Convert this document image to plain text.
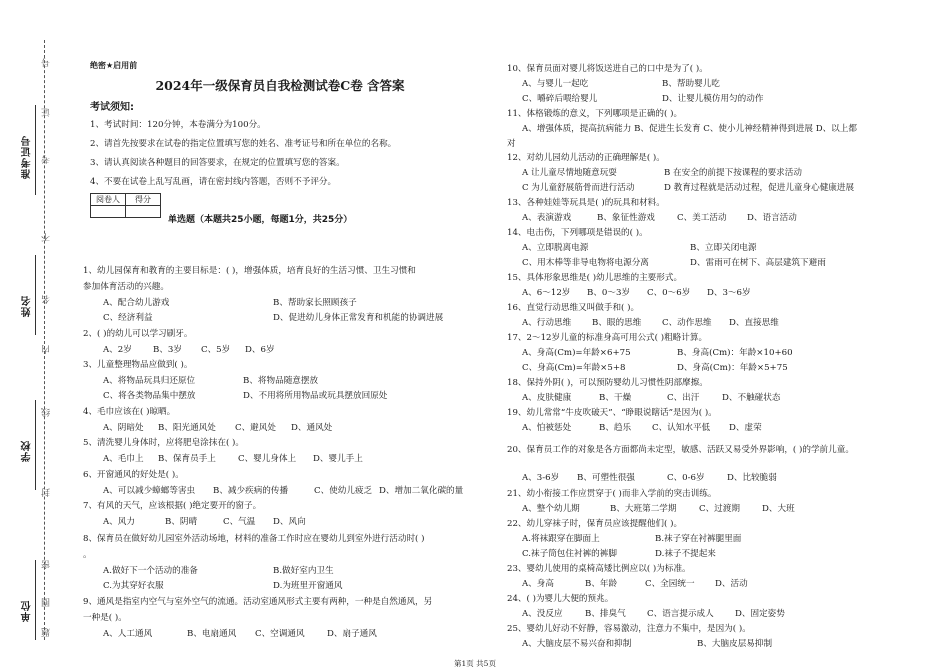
准考证号
姓名
学校
单位
号
证
考
不
名
内
线
封
密
圈
题
绝密★启用前
2024年一级保育员自我检测试卷C卷 含答案
考试须知:
1、考试时间：120分钟，本卷满分为100分。
2、请首先按要求在试卷的指定位置填写您的姓名、准考证号和所在单位的名称。
3、请认真阅读各种题目的回答要求，在规定的位置填写您的答案。
4、不要在试卷上乱写乱画，请在密封线内答题，否则不予评分。
阅卷人	得分

单选题（本题共25小题，每题1分，共25分）
1、幼儿园保育和教育的主要目标是：( )，增强体质，培育良好的生活习惯、卫生习惯和
参加体育活动的兴趣。
A、配合幼儿游戏	B、帮助家长照顾孩子
C、经济利益	D、促进幼儿身体正常发育和机能的协调进展
2、( )的幼儿可以学习刷牙。
A、2岁 B、3岁 C、5岁 D、6岁
3、儿童整理物品应做到( )。
A、将物品玩具归还原位	B、将物品随意摆放
C、将各类物品集中摆放	D、不用将所用物品或玩具摆放回原处
4、毛巾应该在( )晾晒。
A、阴暗处 B、阳光通风处 C、避风处 D、通风处
5、清洗婴儿身体时，应将肥皂涂抹在( )。
A、毛巾上 B、保育员手上	C、婴儿身体上 D、婴儿手上
6、开窗通风的好处是( )。
A、可以减少蟑螂等害虫 B、减少疾病的传播	C、使幼儿疲乏 D、增加二氧化碳的量
7、有风的天气，应该根据( )绝定要开的窗子。
A、风力	B、阴晴	C、气温 D、风向
8、保育员在做好幼儿园室外活动场地，材料的准备工作时应在婴幼儿到室外进行活动时( )
。
A.做好下一个活动的准备	B.做好室内卫生
C.为其穿好衣服	D.为班里开窗通风
9、通风是指室内空气与室外空气的流通。活动室通风形式主要有两种，一种是自然通风，另
一种是( )。
A、人工通风	B、电扇通风 C、空调通风	D、扇子通风
10、保育员面对婴儿将饭送进自己的口中是为了( )。
A、与婴儿一起吃	B、帮助婴儿吃
C、嚼碎后喂给婴儿	D、让婴儿模仿用匀的动作
11、体格锻炼的意义，下列哪项是正确的( )。
A、增强体质，提高抗病能力 B、促进生长发育 C、使小儿神经精神得到进展 D、以上都
对
12、对幼儿园幼儿活动的正确理解是( )。
A 让儿童尽情地随意玩耍	B 在安全的前提下按课程的要求活动
C 为儿童舒展筋骨而进行活动	D 教育过程就是活动过程，促进儿童身心健康进展
13、各种娃娃等玩具是( )的玩具和材料。
A、表演游戏	B、象征性游戏	C、美工活动 D、语言活动
14、电击伤，下列哪项是错误的( )。
A、立即脱离电源	B、立即关闭电源
C、用木棒等非导电物将电源分离	D、雷雨可在树下、高层建筑下避雨
15、具体形象思维是( )幼儿思维的主要形式。
A、6～12岁 B、0～3岁 C、0～6岁 D、3～6岁
16、直觉行动思维又叫做手和( )。
A、行动思维 B、眼的思维 C、动作思维 D、直接思维
17、2～12岁儿童的标准身高可用公式( )粗略计算。
A、身高(Cm)=年龄×6+75	B、身高(Cm)：年龄×10+60
C、身高(Cm)=年龄×5+8	D、身高(Cm)：年龄×5+75
18、保持外阴( )，可以预防婴幼儿习惯性阴部摩擦。
A、皮肤健康	B、干燥	C、出汗	D、不触碰状态
19、幼儿常常“牛皮吹破天”、“睁眼说瞎话”是因为( )。
A、怕被惩处	B、趋乐 C、认知水平低 D、虚荣
20、保育员工作的对象是各方面都尚未定型，敏感、活跃又易受外界影响，( )的学前儿童。
A、3-6岁 B、可塑性很强	C、0-6岁	D、比较脆弱
21、幼小衔接工作应贯穿于( )而非入学前的突击训练。
A、整个幼儿期	B、大班第二学期	C、过渡期	D、大班
22、幼儿穿袜子时，保育员应该提醒他们( )。
A.将袜跟穿在脚面上	B.袜子穿在衬裤腿里面
C.袜子筒包住衬裤的裤脚	D.袜子不提起来
23、婴幼儿使用的桌椅高矮比例应以( )为标准。
A、身高	B、年龄	C、全园统一 D、活动
24、( )为婴儿大便的预兆。
A、没反应	B、排臭气 C、语言提示成人 D、固定姿势
25、婴幼儿好动不好静，容易激动，注意力不集中，是因为( )。
A、大脑皮层不易兴奋和抑制	B、大脑皮层易抑制
第1页 共5页
